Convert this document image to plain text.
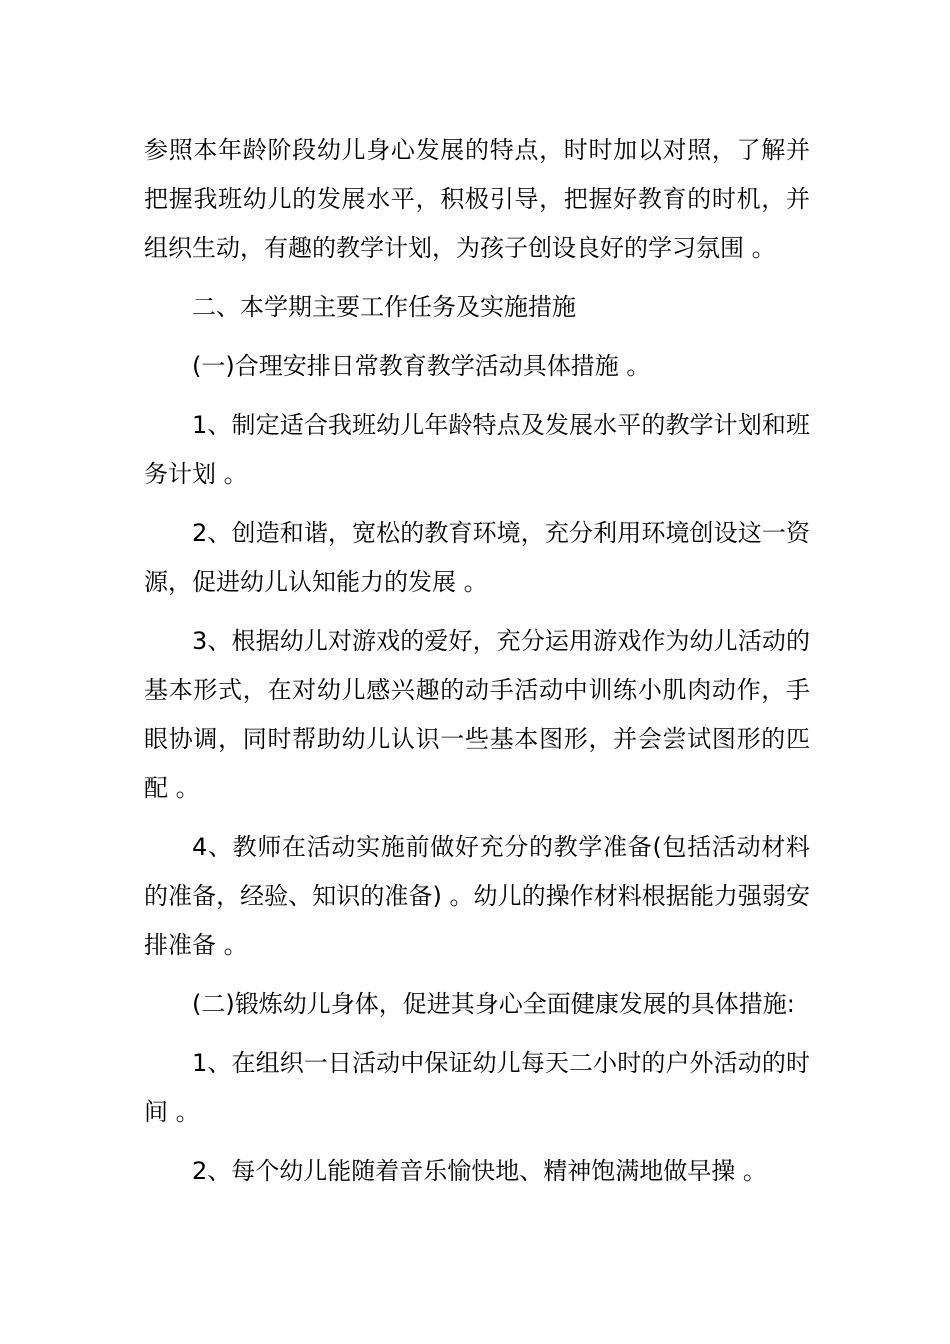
参照本年龄阶段幼儿身心发展的特点，时时加以对照，了解并把握我班幼儿的发展水平，积极引导，把握好教育的时机，并组织生动，有趣的教学计划，为孩子创设良好的学习氛围 。

二、本学期主要工作任务及实施措施

(一)合理安排日常教育教学活动具体措施 。

1、制定适合我班幼儿年龄特点及发展水平的教学计划和班务计划 。

2、创造和谐，宽松的教育环境，充分利用环境创设这一资源，促进幼儿认知能力的发展 。

3、根据幼儿对游戏的爱好，充分运用游戏作为幼儿活动的基本形式，在对幼儿感兴趣的动手活动中训练小肌肉动作，手眼协调，同时帮助幼儿认识一些基本图形，并会尝试图形的匹配 。

4、教师在活动实施前做好充分的教学准备(包括活动材料的准备，经验、知识的准备) 。幼儿的操作材料根据能力强弱安排准备 。

(二)锻炼幼儿身体，促进其身心全面健康发展的具体措施:

1、在组织一日活动中保证幼儿每天二小时的户外活动的时间 。

2、每个幼儿能随着音乐愉快地、精神饱满地做早操 。
